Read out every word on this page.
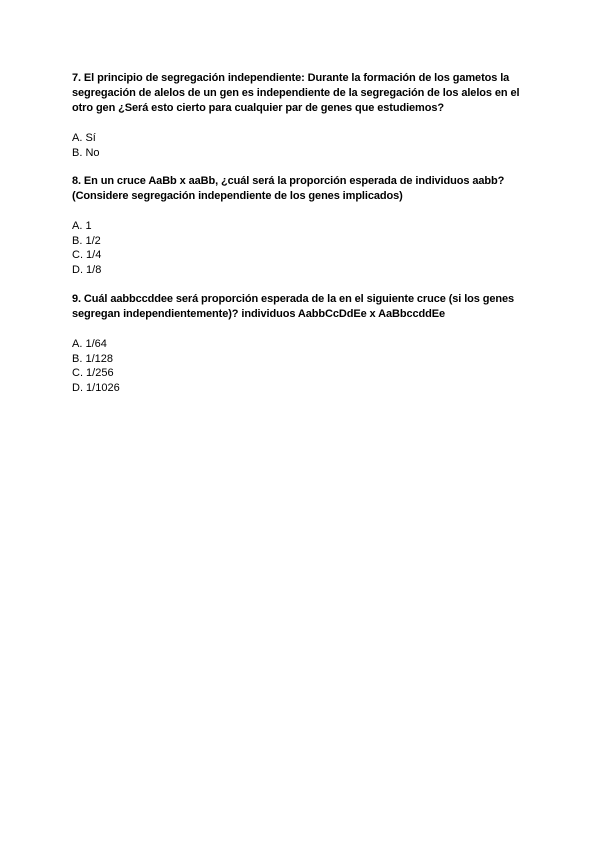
7. El principio de segregación independiente: Durante la formación de los gametos la segregación de alelos de un gen es independiente de la segregación de los alelos en el otro gen ¿Será esto cierto para cualquier par de genes que estudiemos?

A. Sí
B. No

8. En un cruce AaBb x aaBb, ¿cuál será la proporción esperada de individuos aabb? (Considere segregación independiente de los genes implicados)

A. 1
B. 1/2
C. 1/4
D. 1/8

9. Cuál aabbccddee será proporción esperada de la en el siguiente cruce (si los genes segregan independientemente)? individuos AabbCcDdEe x AaBbccddEe

A. 1/64
B. 1/128
C. 1/256
D. 1/1026
